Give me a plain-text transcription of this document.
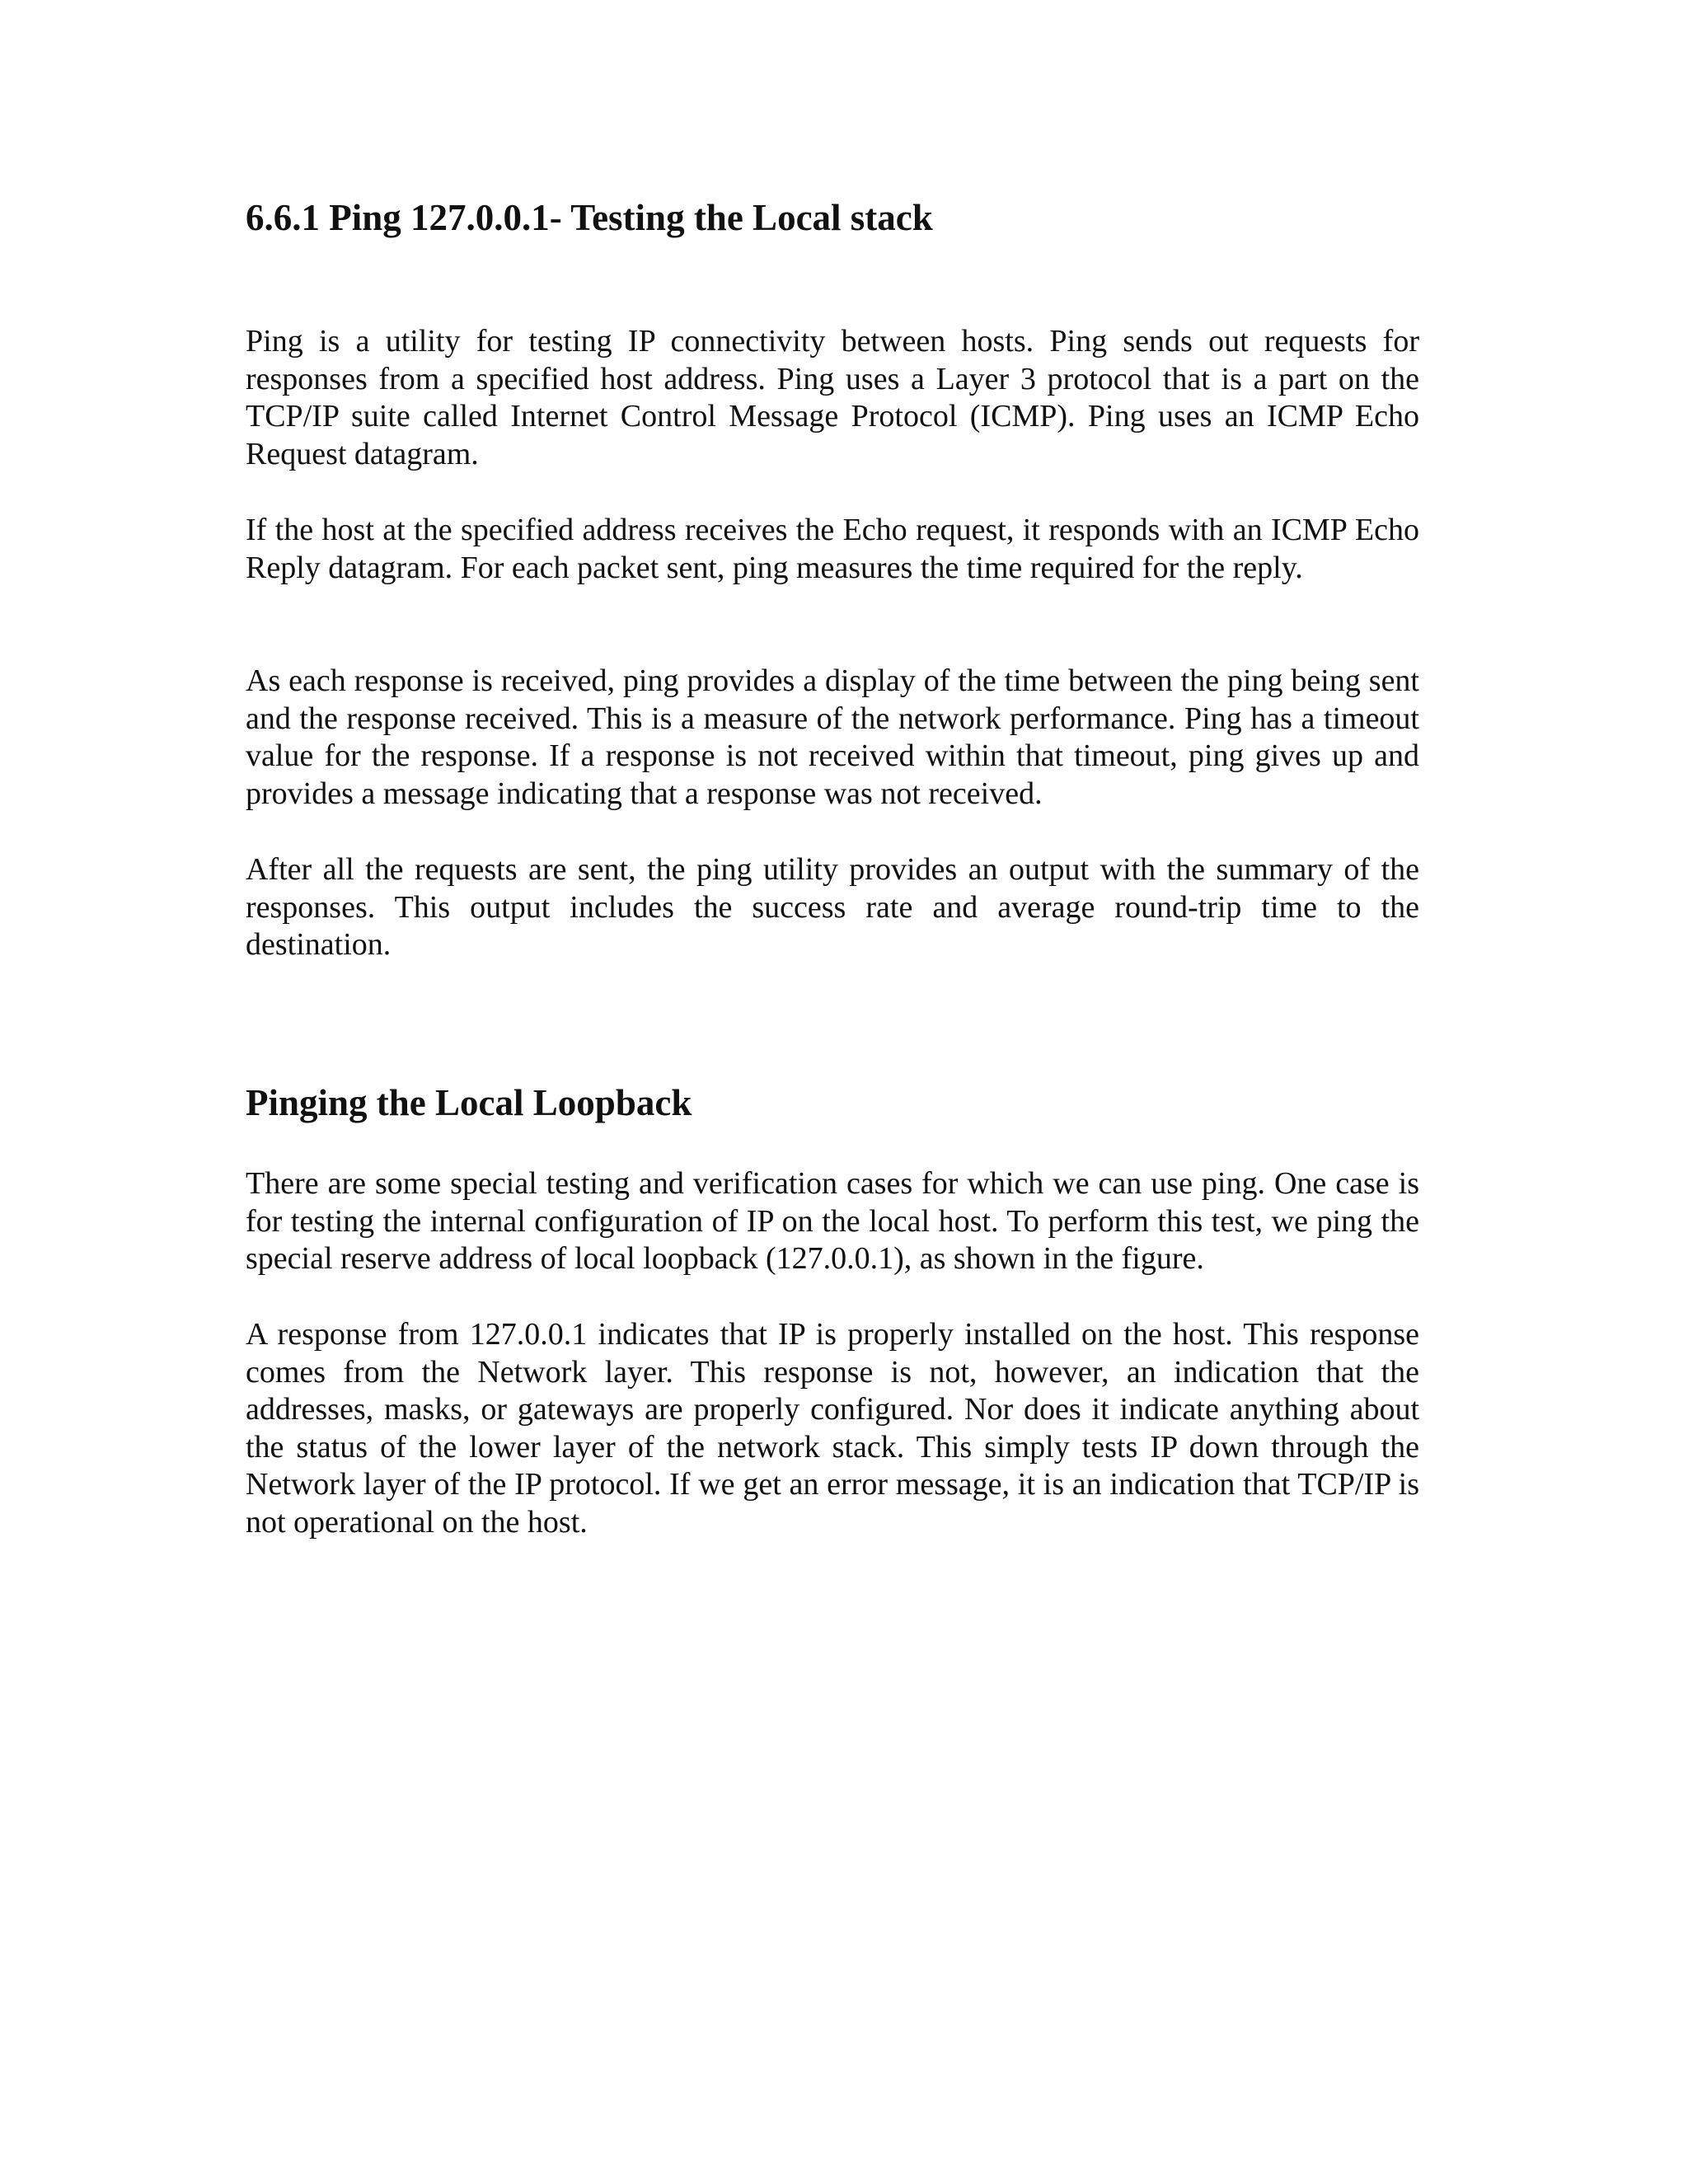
6.6.1 Ping 127.0.0.1- Testing the Local stack

Ping is a utility for testing IP connectivity between hosts. Ping sends out requests for responses from a specified host address. Ping uses a Layer 3 protocol that is a part on the TCP/IP suite called Internet Control Message Protocol (ICMP). Ping uses an ICMP Echo Request datagram.

If the host at the specified address receives the Echo request, it responds with an ICMP Echo Reply datagram. For each packet sent, ping measures the time required for the reply.

As each response is received, ping provides a display of the time between the ping being sent and the response received. This is a measure of the network performance. Ping has a timeout value for the response. If a response is not received within that timeout, ping gives up and provides a message indicating that a response was not received.

After all the requests are sent, the ping utility provides an output with the summary of the responses. This output includes the success rate and average round-trip time to the destination.

Pinging the Local Loopback

There are some special testing and verification cases for which we can use ping. One case is for testing the internal configuration of IP on the local host. To perform this test, we ping the special reserve address of local loopback (127.0.0.1), as shown in the figure.

A response from 127.0.0.1 indicates that IP is properly installed on the host. This response comes from the Network layer. This response is not, however, an indication that the addresses, masks, or gateways are properly configured. Nor does it indicate anything about the status of the lower layer of the network stack. This simply tests IP down through the Network layer of the IP protocol. If we get an error message, it is an indication that TCP/IP is not operational on the host.
